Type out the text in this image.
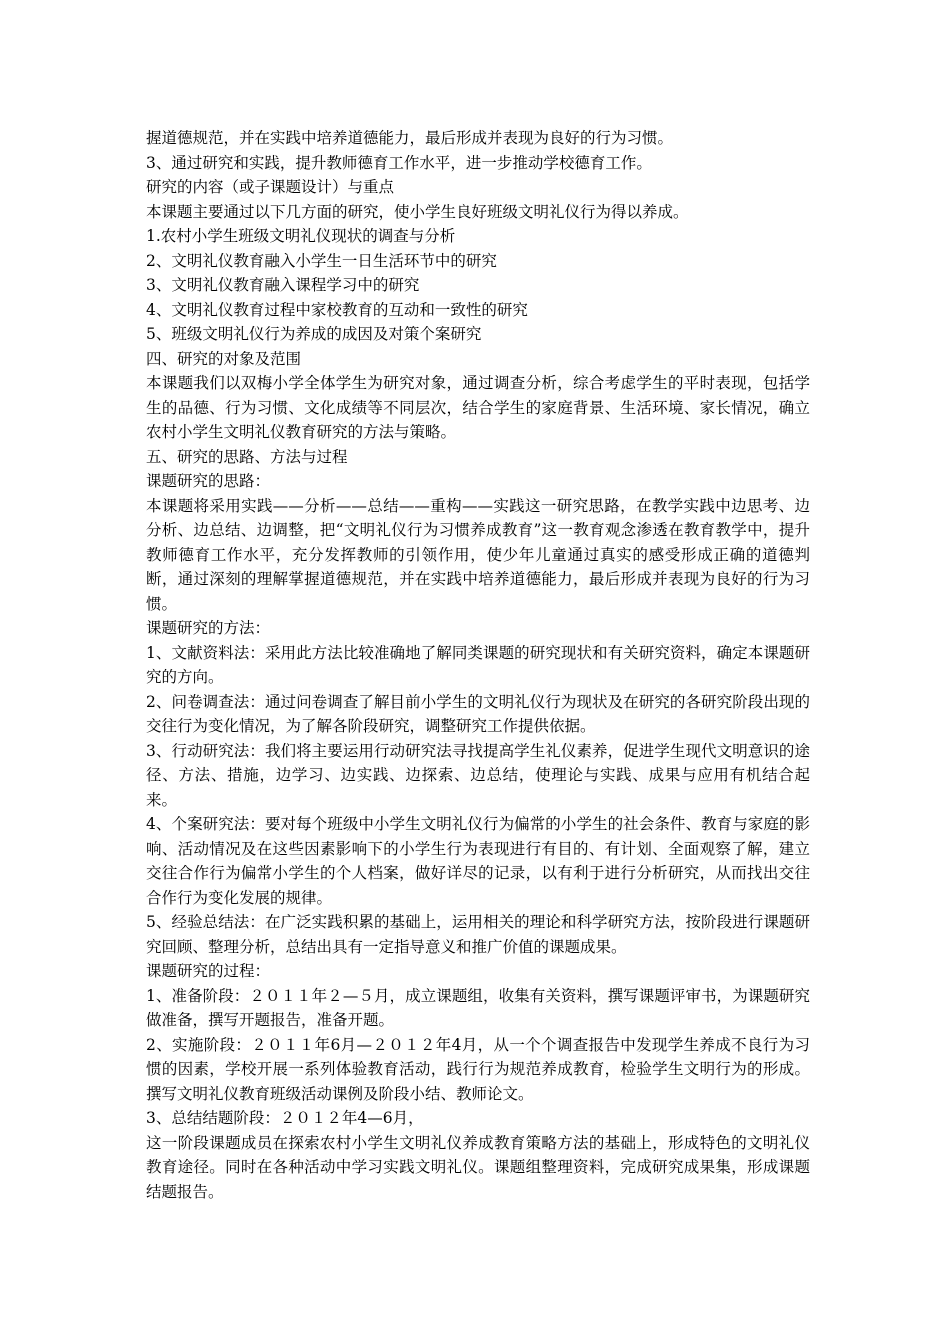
握道德规范，并在实践中培养道德能力，最后形成并表现为良好的行为习惯。

3、通过研究和实践，提升教师德育工作水平，进一步推动学校德育工作。

研究的内容（或子课题设计）与重点

本课题主要通过以下几方面的研究，使小学生良好班级文明礼仪行为得以养成。

1.农村小学生班级文明礼仪现状的调查与分析

2、文明礼仪教育融入小学生一日生活环节中的研究

3、文明礼仪教育融入课程学习中的研究

4、文明礼仪教育过程中家校教育的互动和一致性的研究

5、班级文明礼仪行为养成的成因及对策个案研究

四、研究的对象及范围

本课题我们以双梅小学全体学生为研究对象，通过调查分析，综合考虑学生的平时表现，包括学生的品德、行为习惯、文化成绩等不同层次，结合学生的家庭背景、生活环境、家长情况，确立农村小学生文明礼仪教育研究的方法与策略。

五、研究的思路、方法与过程

课题研究的思路：

本课题将采用实践——分析——总结——重构——实践这一研究思路，在教学实践中边思考、边分析、边总结、边调整，把“文明礼仪行为习惯养成教育”这一教育观念渗透在教育教学中，提升教师德育工作水平，充分发挥教师的引领作用，使少年儿童通过真实的感受形成正确的道德判断，通过深刻的理解掌握道德规范，并在实践中培养道德能力，最后形成并表现为良好的行为习惯。

课题研究的方法：

1、文献资料法：采用此方法比较准确地了解同类课题的研究现状和有关研究资料，确定本课题研究的方向。

2、问卷调查法：通过问卷调查了解目前小学生的文明礼仪行为现状及在研究的各研究阶段出现的交往行为变化情况，为了解各阶段研究，调整研究工作提供依据。

3、行动研究法：我们将主要运用行动研究法寻找提高学生礼仪素养，促进学生现代文明意识的途径、方法、措施，边学习、边实践、边探索、边总结，使理论与实践、成果与应用有机结合起来。

4、个案研究法：要对每个班级中小学生文明礼仪行为偏常的小学生的社会条件、教育与家庭的影响、活动情况及在这些因素影响下的小学生行为表现进行有目的、有计划、全面观察了解，建立交往合作行为偏常小学生的个人档案，做好详尽的记录，以有利于进行分析研究，从而找出交往合作行为变化发展的规律。

5、经验总结法：在广泛实践积累的基础上，运用相关的理论和科学研究方法，按阶段进行课题研究回顾、整理分析，总结出具有一定指导意义和推广价值的课题成果。

课题研究的过程：

1、准备阶段：２０１１年２—５月，成立课题组，收集有关资料，撰写课题评审书，为课题研究做准备，撰写开题报告，准备开题。

2、实施阶段：２０１１年6月—２０１２年4月，从一个个调查报告中发现学生养成不良行为习惯的因素，学校开展一系列体验教育活动，践行行为规范养成教育，检验学生文明行为的形成。撰写文明礼仪教育班级活动课例及阶段小结、教师论文。

3、总结结题阶段：２０１２年4—6月，

这一阶段课题成员在探索农村小学生文明礼仪养成教育策略方法的基础上，形成特色的文明礼仪教育途径。同时在各种活动中学习实践文明礼仪。课题组整理资料，完成研究成果集，形成课题结题报告。
